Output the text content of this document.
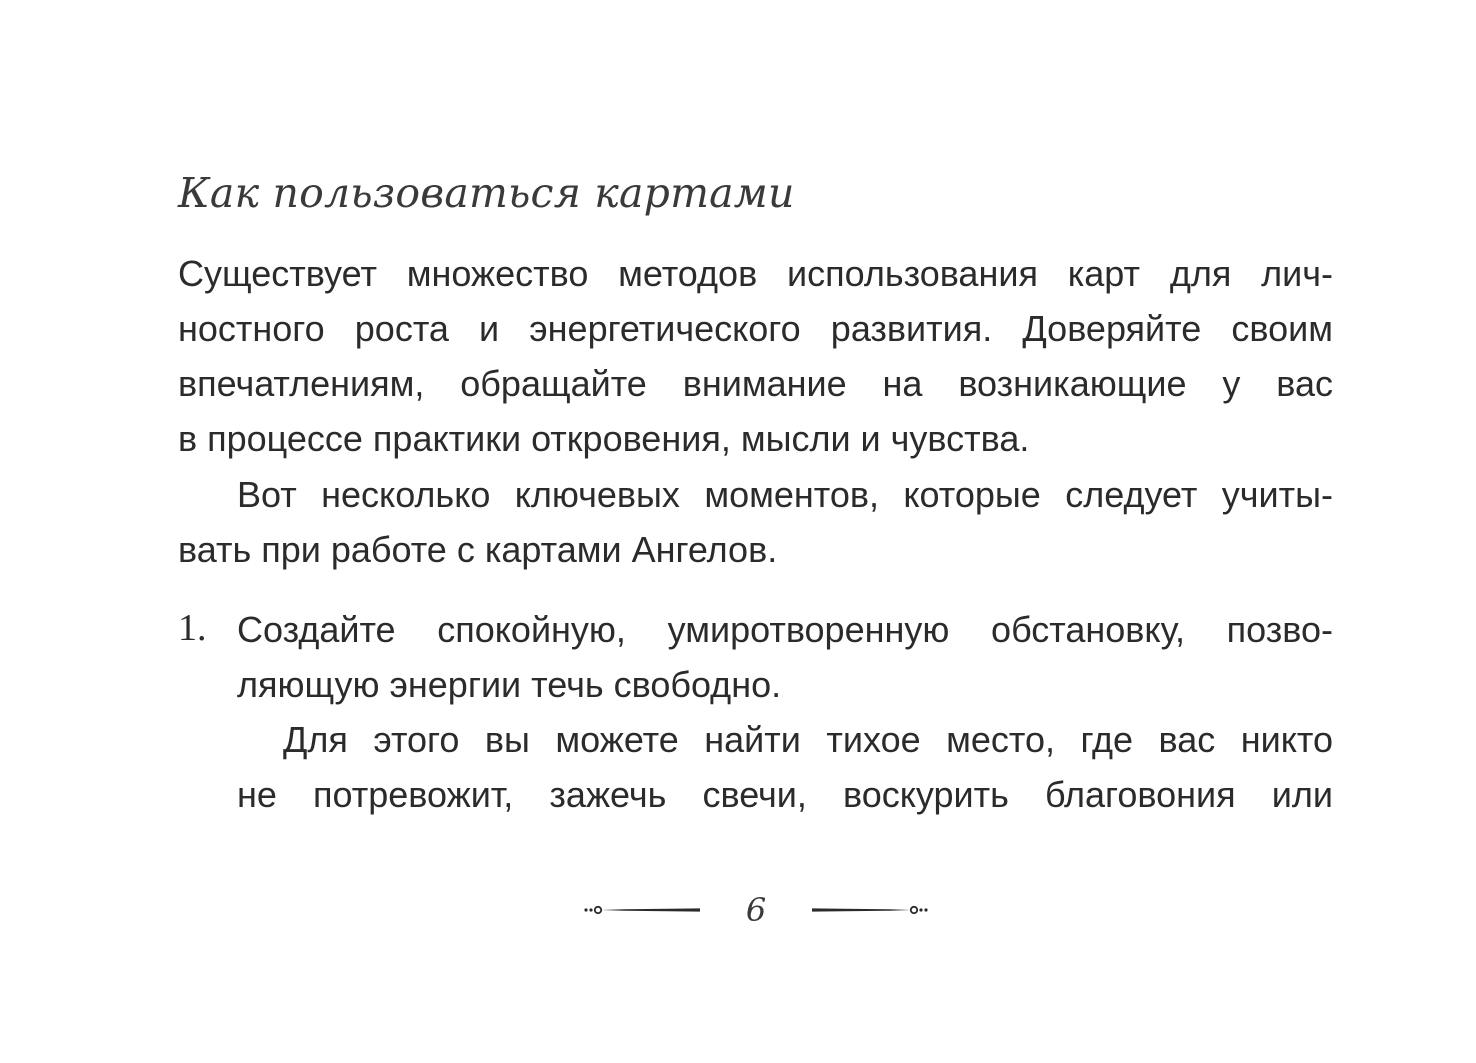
Как пользоваться картами
Существует множество методов использования карт для лич-
ностного роста и энергетического развития. Доверяйте своим
впечатлениям, обращайте внимание на возникающие у вас
в процессе практики откровения, мысли и чувства.
Вот несколько ключевых моментов, которые следует учиты-
вать при работе с картами Ангелов.
1. Создайте спокойную, умиротворенную обстановку, позво-
ляющую энергии течь свободно.
Для этого вы можете найти тихое место, где вас никто
не потревожит, зажечь свечи, воскурить благовония или
6
